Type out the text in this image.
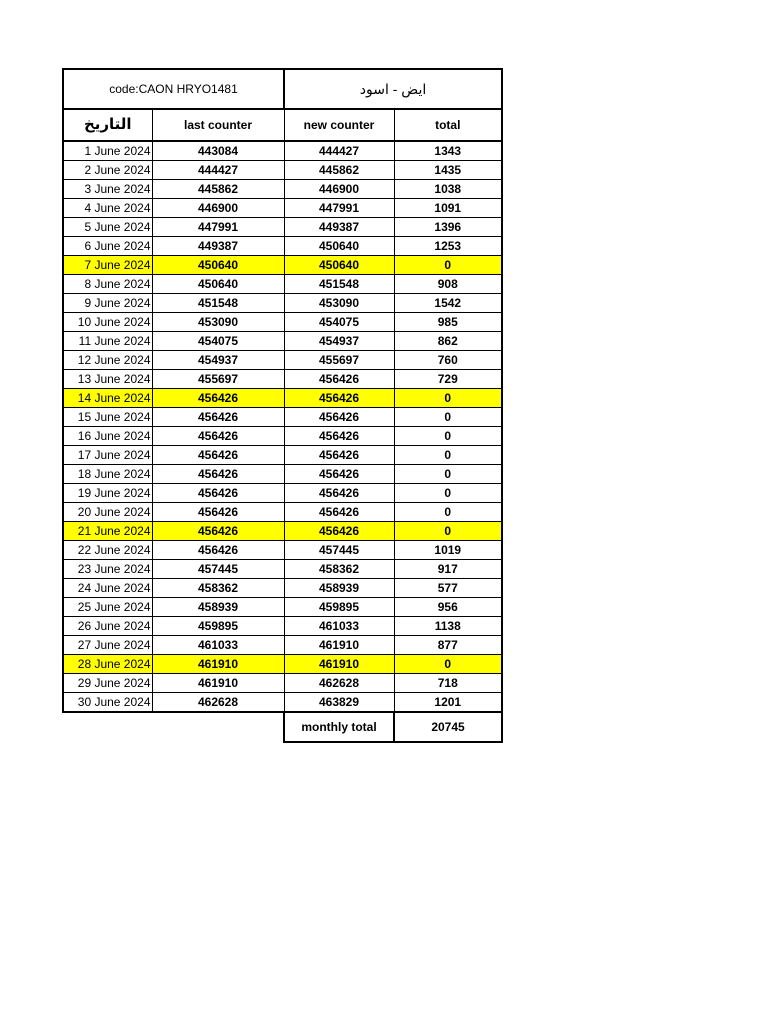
code:CAON HRYO1481		ايض - اسود	
التاريخ	last counter	new counter	total
1 June 2024	443084	444427	1343
2 June 2024	444427	445862	1435
3 June 2024	445862	446900	1038
4 June 2024	446900	447991	1091
5 June 2024	447991	449387	1396
6 June 2024	449387	450640	1253
7 June 2024	450640	450640	0
8 June 2024	450640	451548	908
9 June 2024	451548	453090	1542
10 June 2024	453090	454075	985
11 June 2024	454075	454937	862
12 June 2024	454937	455697	760
13 June 2024	455697	456426	729
14 June 2024	456426	456426	0
15 June 2024	456426	456426	0
16 June 2024	456426	456426	0
17 June 2024	456426	456426	0
18 June 2024	456426	456426	0
19 June 2024	456426	456426	0
20 June 2024	456426	456426	0
21 June 2024	456426	456426	0
22 June 2024	456426	457445	1019
23 June 2024	457445	458362	917
24 June 2024	458362	458939	577
25 June 2024	458939	459895	956
26 June 2024	459895	461033	1138
27 June 2024	461033	461910	877
28 June 2024	461910	461910	0
29 June 2024	461910	462628	718
30 June 2024	462628	463829	1201
		monthly total	20745
